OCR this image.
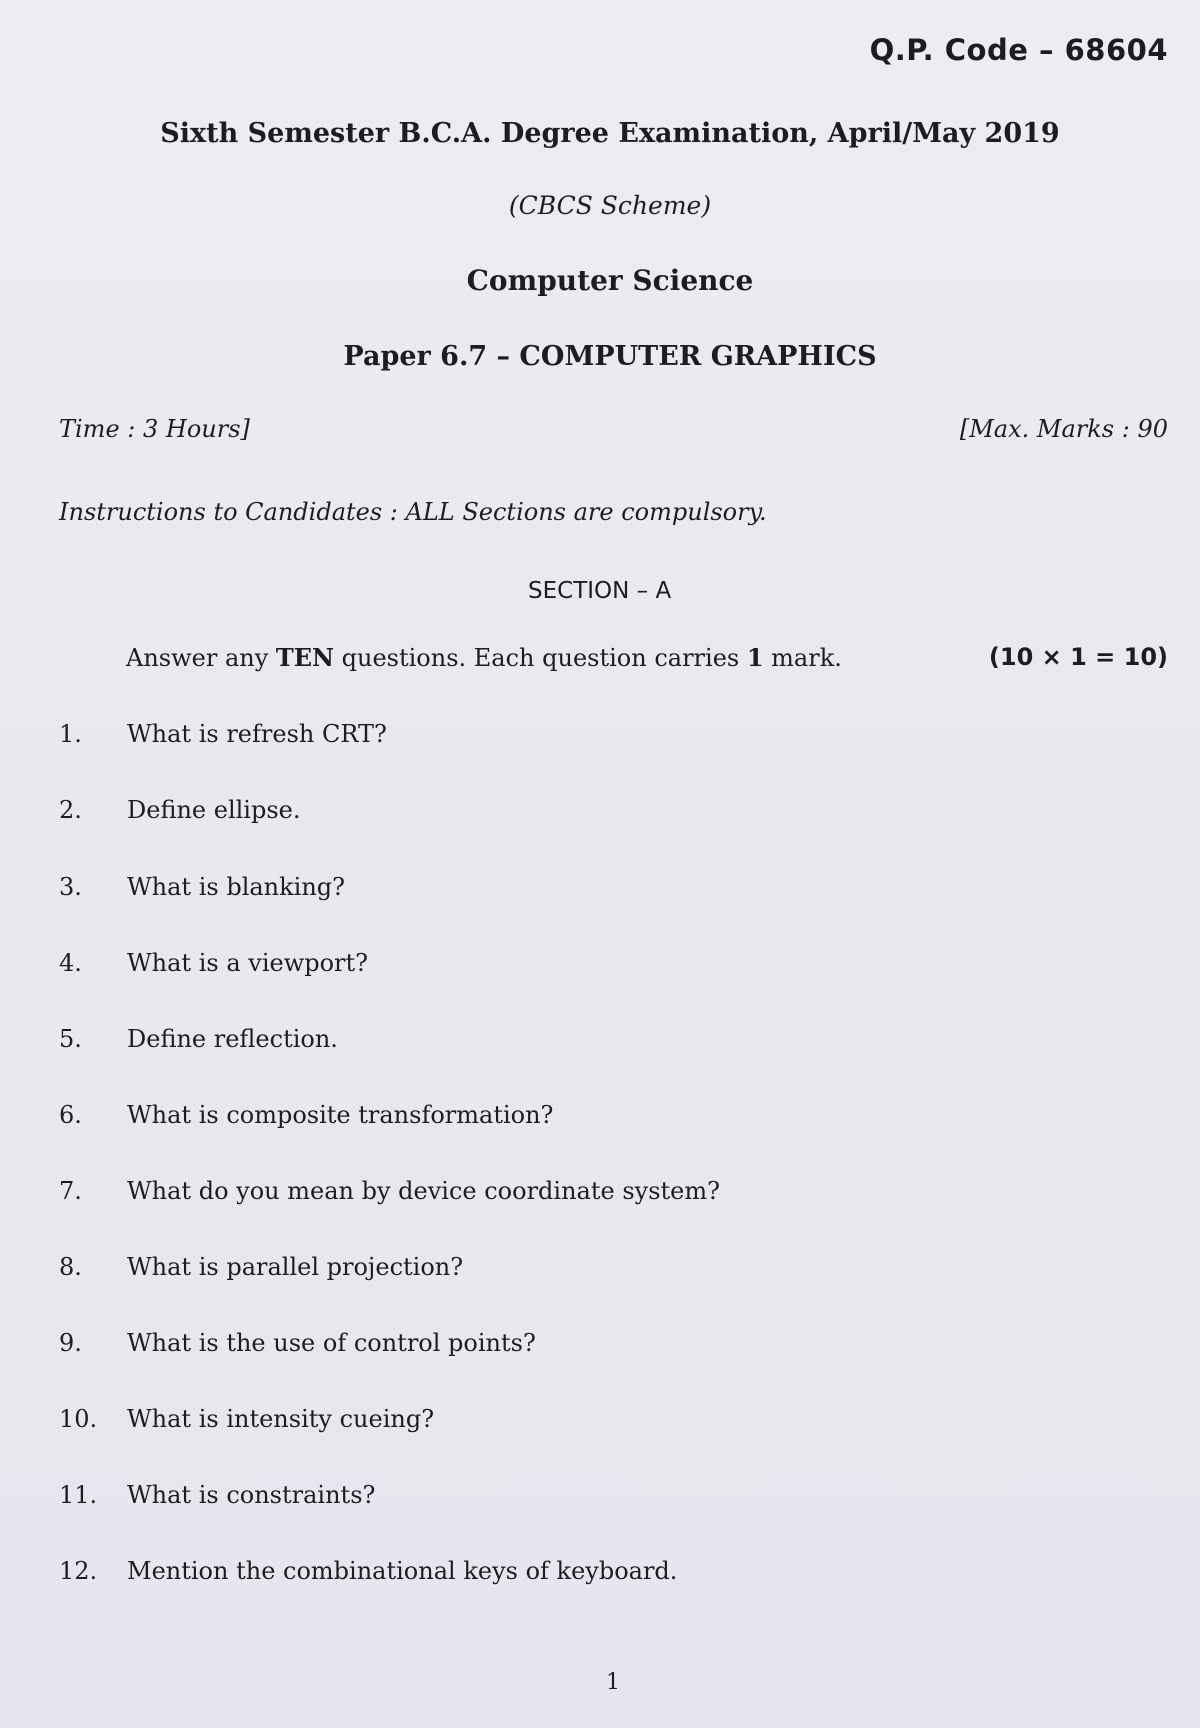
Q.P. Code – 68604
Sixth Semester B.C.A. Degree Examination, April/May 2019
(CBCS Scheme)
Computer Science
Paper 6.7 – COMPUTER GRAPHICS
Time : 3 Hours]	[Max. Marks : 90
Instructions to Candidates : ALL Sections are compulsory.
SECTION – A
Answer any TEN questions. Each question carries 1 mark.	(10 × 1 = 10)
1. What is refresh CRT?
2. Define ellipse.
3. What is blanking?
4. What is a viewport?
5. Define reflection.
6. What is composite transformation?
7. What do you mean by device coordinate system?
8. What is parallel projection?
9. What is the use of control points?
10. What is intensity cueing?
11. What is constraints?
12. Mention the combinational keys of keyboard.
1
